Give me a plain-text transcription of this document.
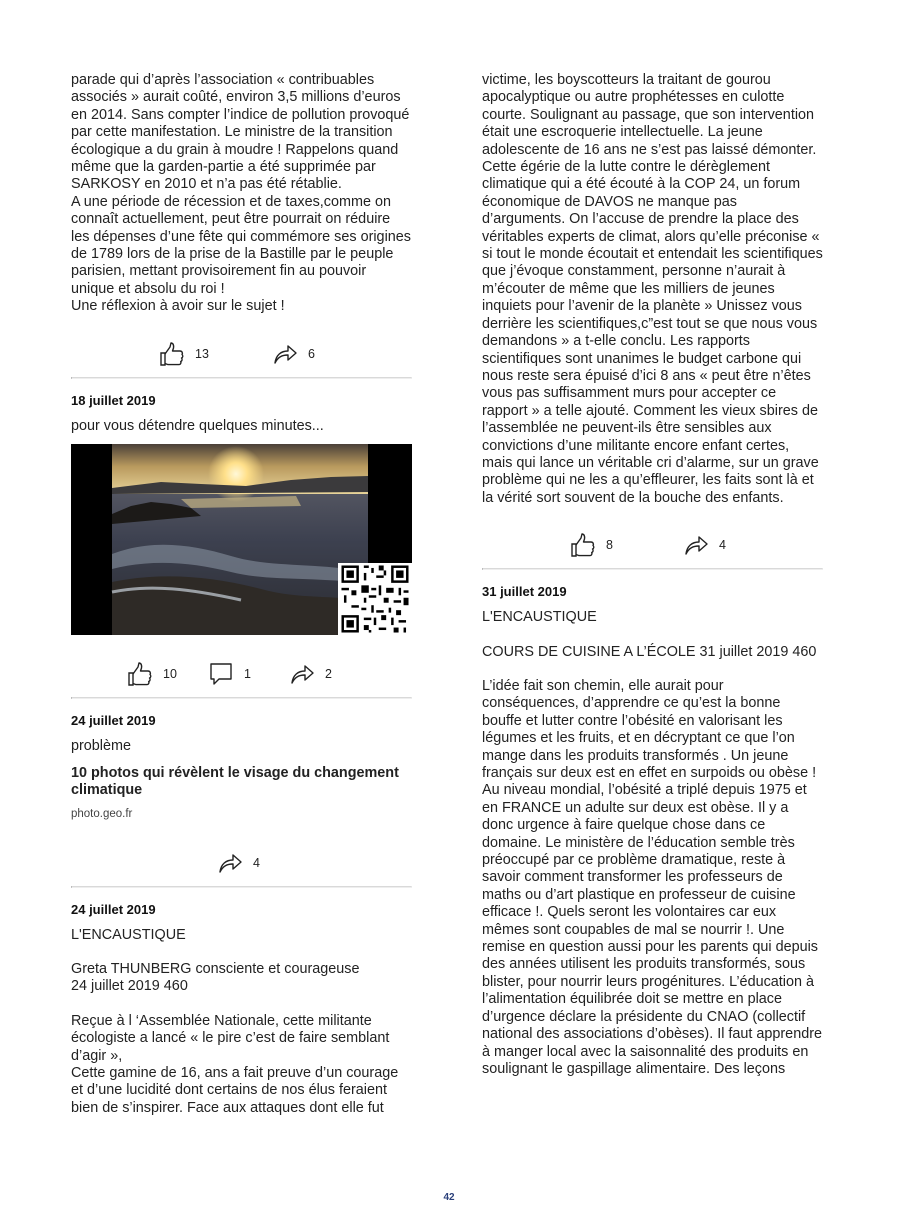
parade qui d’après l’association « contribuables associés » aurait coûté, environ 3,5 millions d’euros en 2014. Sans compter l’indice de pollution provoqué par cette manifestation. Le ministre de la transition écologique a du grain à moudre ! Rappelons quand même que la garden-partie a été supprimée par SARKOSY en 2010 et n’a pas été rétablie.
A une période de récession et de taxes,comme on connaît actuellement, peut être pourrait on réduire les dépenses d’une fête qui commémore ses origines de 1789 lors de la prise de la Bastille par le peuple parisien, mettant provisoirement fin au pouvoir unique et absolu du roi !
Une réflexion à avoir sur le sujet !

13	6

18 juillet 2019

pour vous détendre quelques minutes...

10	1	2

24 juillet 2019

problème

10 photos qui révèlent le visage du changement climatique

photo.geo.fr

4

24 juillet 2019

L'ENCAUSTIQUE

Greta THUNBERG consciente et courageuse
24 juillet 2019 460

Reçue à l ‘Assemblée Nationale, cette militante écologiste a lancé « le pire c’est de faire semblant d’agir »,
Cette gamine de 16, ans a fait preuve d’un courage et d’une lucidité dont certains de nos élus feraient bien de s’inspirer. Face aux attaques dont elle fut

victime, les boyscotteurs la traitant de gourou apocalyptique ou autre prophétesses en culotte courte. Soulignant au passage, que son intervention était une escroquerie intellectuelle. La jeune adolescente de 16 ans ne s’est pas laissé démonter. Cette égérie de la lutte contre le dérèglement climatique qui a été écouté à la COP 24, un forum économique de DAVOS ne manque pas d’arguments. On l’accuse de prendre la place des véritables experts de climat, alors qu’elle préconise « si tout le monde écoutait et entendait les scientifiques que j’évoque constamment, personne n’aurait à m’écouter de même que les milliers de jeunes inquiets pour l’avenir de la planète » Unissez vous derrière les scientifiques,c”est tout se que nous vous demandons » a t-elle conclu. Les rapports scientifiques sont unanimes le budget carbone qui nous reste sera épuisé d’ici 8 ans « peut être n’êtes vous pas suffisamment murs pour accepter ce rapport » a telle ajouté. Comment les vieux sbires de l’assemblée ne peuvent-ils être sensibles aux convictions d’une militante encore enfant certes, mais qui lance un véritable cri d’alarme, sur un grave problème qui ne les a qu’effleurer, les faits sont là et la vérité sort souvent de la bouche des enfants.

8	4

31 juillet 2019

L'ENCAUSTIQUE

COURS DE CUISINE A L’ÉCOLE 31 juillet 2019 460

L’idée fait son chemin, elle aurait pour conséquences, d’apprendre ce qu’est la bonne bouffe et lutter contre l’obésité en valorisant les légumes et les fruits, et en décryptant ce que l’on mange dans les produits transformés . Un jeune français sur deux est en effet en surpoids ou obèse ! Au niveau mondial, l’obésité a triplé depuis 1975 et en FRANCE un adulte sur deux est obèse. Il y a donc urgence à faire quelque chose dans ce domaine. Le ministère de l’éducation semble très préoccupé par ce problème dramatique, reste à savoir comment transformer les professeurs de maths ou d’art plastique en professeur de cuisine efficace !. Quels seront les volontaires car eux mêmes sont coupables de mal se nourrir !. Une remise en question aussi pour les parents qui depuis des années utilisent les produits transformés, sous blister, pour nourrir leurs progénitures. L’éducation à l’alimentation équilibrée doit se mettre en place d’urgence déclare la présidente du CNAO (collectif national des associations d’obèses). Il faut apprendre à manger local avec la saisonnalité des produits en soulignant le gaspillage alimentaire. Des leçons

42
